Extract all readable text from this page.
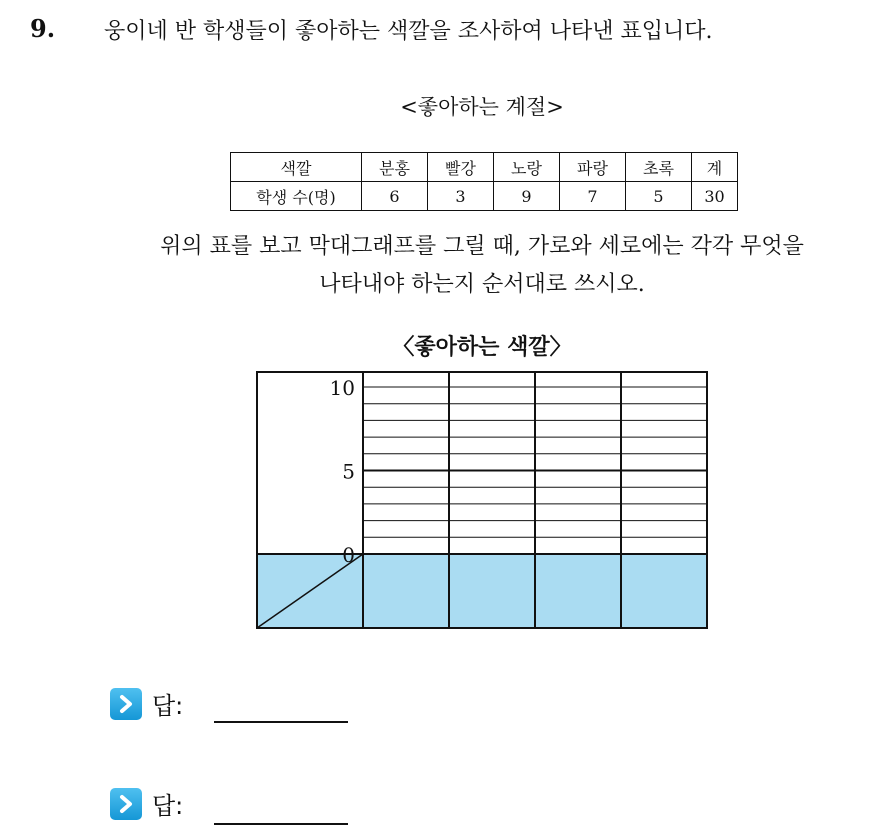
9. 웅이네 반 학생들이 좋아하는 색깔을 조사하여 나타낸 표입니다.
<좋아하는 계절>
색깔	분홍	빨강	노랑	파랑	초록	계
학생 수(명)	6	3	9	7	5	30
위의 표를 보고 막대그래프를 그릴 때, 가로와 세로에는 각각 무엇을
나타내야 하는지 순서대로 쓰시오.
〈좋아하는 색깔〉
10
5
0
답:
답:
